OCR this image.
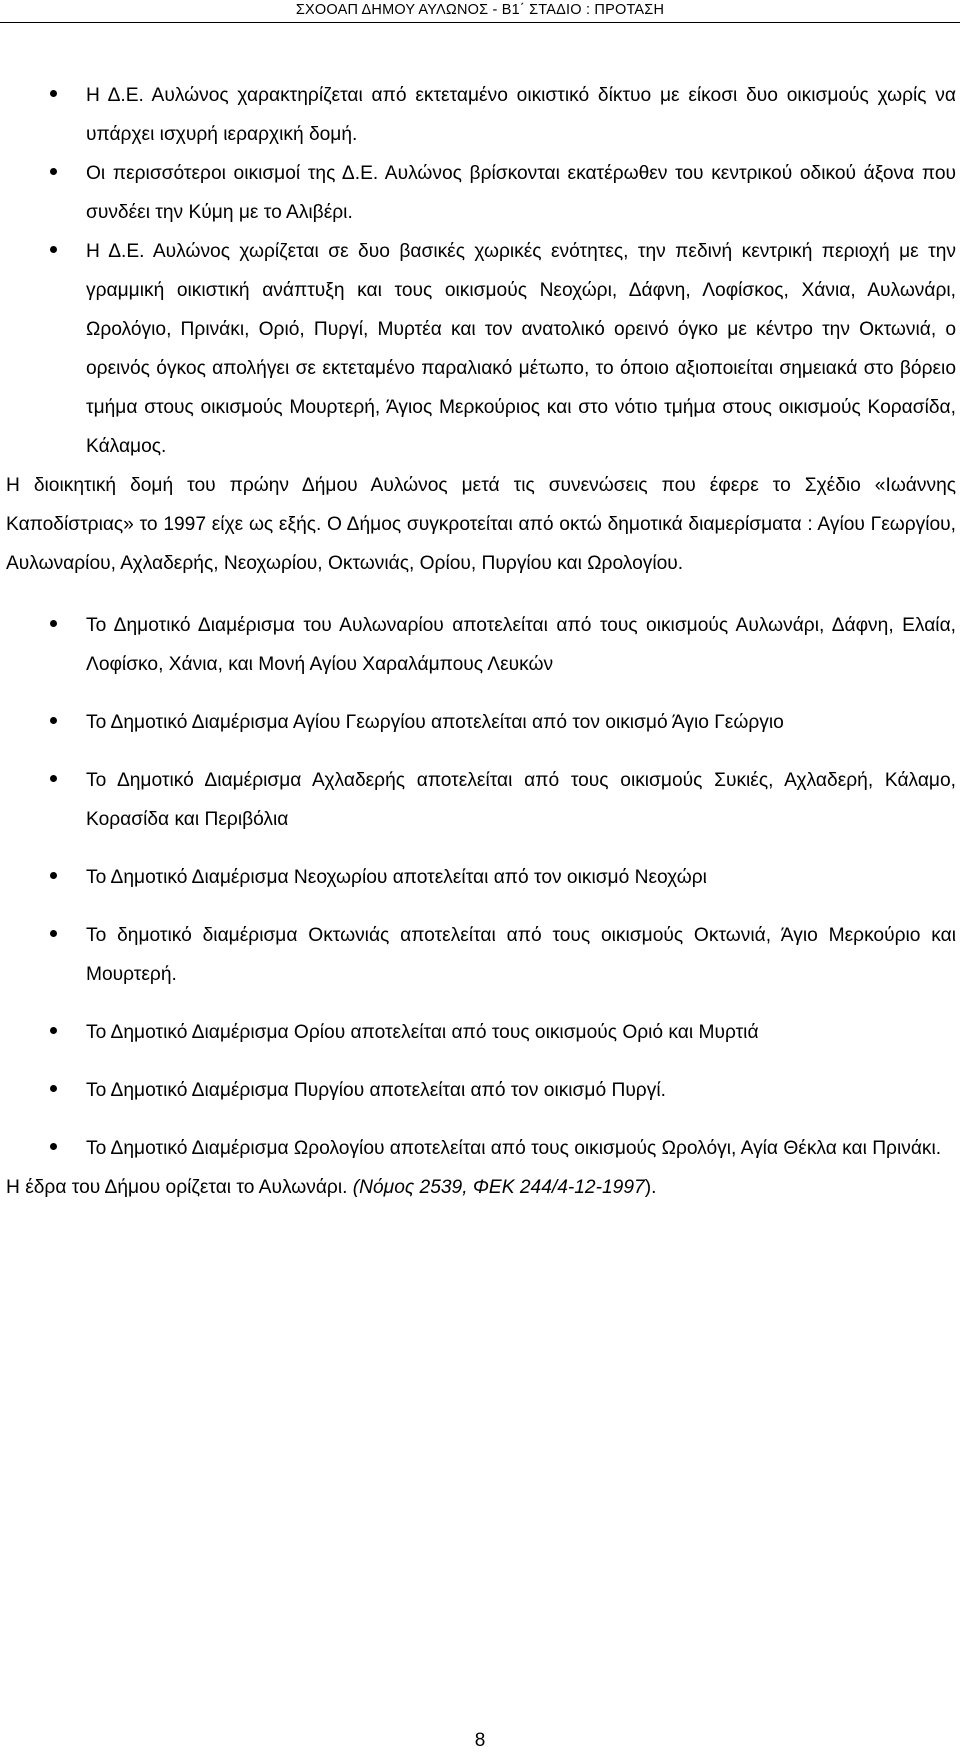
ΣΧΟΟΑΠ ΔΗΜΟΥ ΑΥΛΩΝΟΣ - Β1΄ ΣΤΑΔΙΟ : ΠΡΟΤΑΣΗ

Η Δ.Ε. Αυλώνος χαρακτηρίζεται από εκτεταμένο οικιστικό δίκτυο με είκοσι δυο οικισμούς χωρίς να υπάρχει ισχυρή ιεραρχική δομή.

Οι περισσότεροι οικισμοί της Δ.Ε. Αυλώνος βρίσκονται εκατέρωθεν του κεντρικού οδικού άξονα που συνδέει την Κύμη με το Αλιβέρι.

Η Δ.Ε. Αυλώνος χωρίζεται σε δυο βασικές χωρικές ενότητες, την πεδινή κεντρική περιοχή με την γραμμική οικιστική ανάπτυξη και τους οικισμούς Νεοχώρι, Δάφνη, Λοφίσκος, Χάνια, Αυλωνάρι, Ωρολόγιο, Πρινάκι, Οριό, Πυργί, Μυρτέα και τον ανατολικό ορεινό όγκο με κέντρο την Οκτωνιά, ο ορεινός όγκος απολήγει σε εκτεταμένο παραλιακό μέτωπο, το όποιο αξιοποιείται σημειακά στο βόρειο τμήμα στους οικισμούς Μουρτερή, Άγιος Μερκούριος και στο νότιο τμήμα στους οικισμούς Κορασίδα, Κάλαμος.

Η διοικητική δομή του πρώην Δήμου Αυλώνος μετά τις συνενώσεις που έφερε το Σχέδιο «Ιωάννης Καποδίστριας» το 1997 είχε ως εξής. Ο Δήμος συγκροτείται από οκτώ δημοτικά διαμερίσματα : Αγίου Γεωργίου, Αυλωναρίου, Αχλαδερής, Νεοχωρίου, Οκτωνιάς, Ορίου, Πυργίου και Ωρολογίου.

Το Δημοτικό Διαμέρισμα του Αυλωναρίου αποτελείται από τους οικισμούς Αυλωνάρι, Δάφνη, Ελαία, Λοφίσκο, Χάνια, και Μονή Αγίου Χαραλάμπους Λευκών

Το Δημοτικό Διαμέρισμα Αγίου Γεωργίου αποτελείται από τον οικισμό Άγιο Γεώργιο

Το Δημοτικό Διαμέρισμα Αχλαδερής αποτελείται από τους οικισμούς Συκιές, Αχλαδερή, Κάλαμο, Κορασίδα και Περιβόλια

Το Δημοτικό Διαμέρισμα Νεοχωρίου αποτελείται από τον οικισμό Νεοχώρι

Το δημοτικό διαμέρισμα Οκτωνιάς αποτελείται από τους οικισμούς Οκτωνιά, Άγιο Μερκούριο και Μουρτερή.

Το Δημοτικό Διαμέρισμα Ορίου αποτελείται από τους οικισμούς Οριό και Μυρτιά

Το Δημοτικό Διαμέρισμα Πυργίου αποτελείται από τον οικισμό Πυργί.

Το Δημοτικό Διαμέρισμα Ωρολογίου αποτελείται από τους οικισμούς Ωρολόγι, Αγία Θέκλα και Πρινάκι.

Η έδρα του Δήμου ορίζεται το Αυλωνάρι. (Νόμος 2539, ΦΕΚ 244/4-12-1997).

8
